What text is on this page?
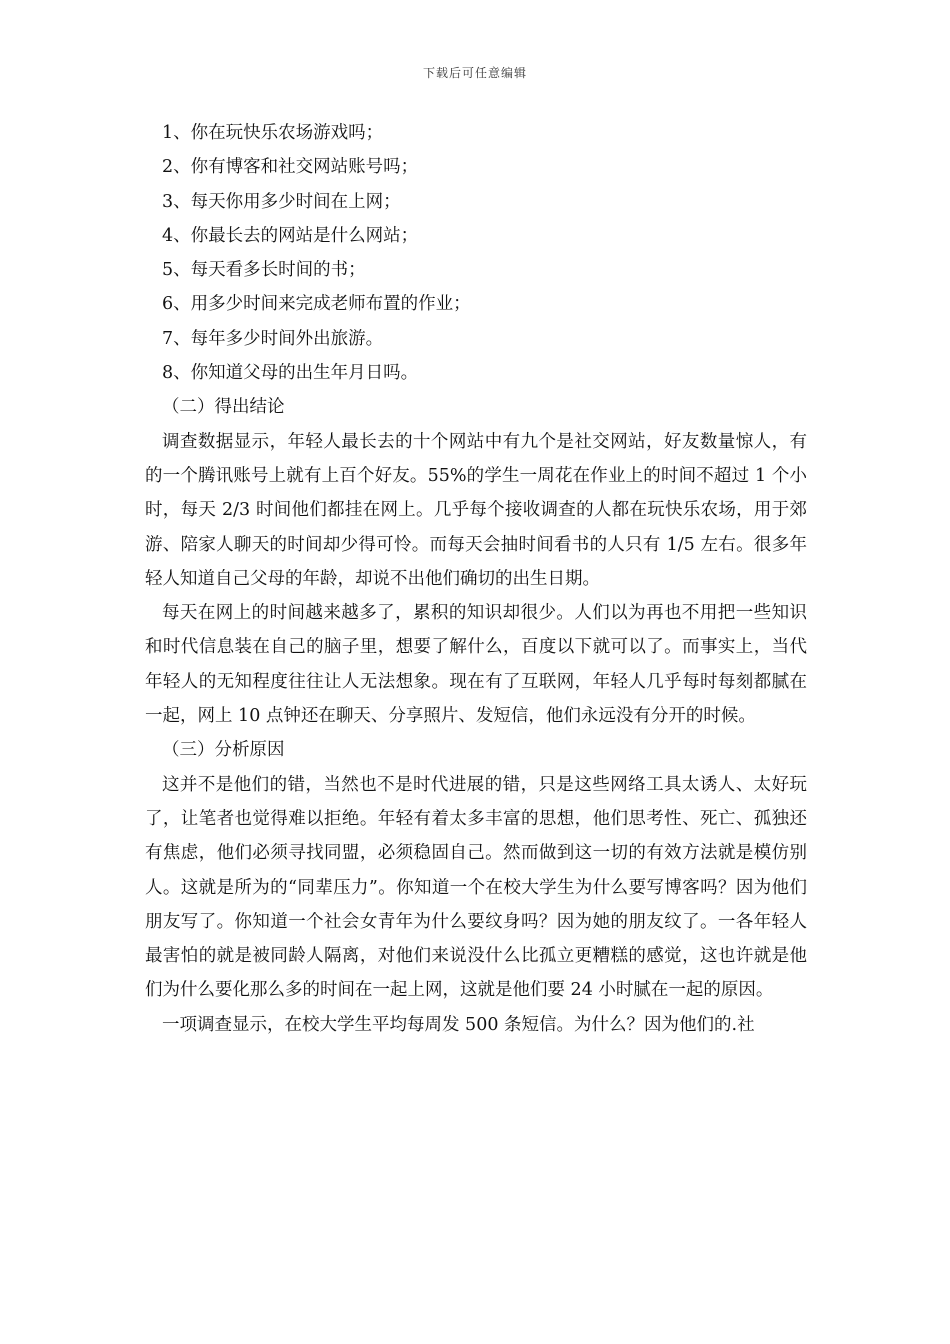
下载后可任意编辑

1、你在玩快乐农场游戏吗；

2、你有博客和社交网站账号吗；

3、每天你用多少时间在上网；

4、你最长去的网站是什么网站；

5、每天看多长时间的书；

6、用多少时间来完成老师布置的作业；

7、每年多少时间外出旅游。

8、你知道父母的出生年月日吗。

（二）得出结论

调查数据显示，年轻人最长去的十个网站中有九个是社交网站，好友数量惊人，有的一个腾讯账号上就有上百个好友。55%的学生一周花在作业上的时间不超过 1 个小时，每天 2/3 时间他们都挂在网上。几乎每个接收调查的人都在玩快乐农场，用于郊游、陪家人聊天的时间却少得可怜。而每天会抽时间看书的人只有 1/5 左右。很多年轻人知道自己父母的年龄，却说不出他们确切的出生日期。

每天在网上的时间越来越多了，累积的知识却很少。人们以为再也不用把一些知识和时代信息装在自己的脑子里，想要了解什么，百度以下就可以了。而事实上，当代年轻人的无知程度往往让人无法想象。现在有了互联网，年轻人几乎每时每刻都腻在一起，网上 10 点钟还在聊天、分享照片、发短信，他们永远没有分开的时候。

（三）分析原因

这并不是他们的错，当然也不是时代进展的错，只是这些网络工具太诱人、太好玩了，让笔者也觉得难以拒绝。年轻有着太多丰富的思想，他们思考性、死亡、孤独还有焦虑，他们必须寻找同盟，必须稳固自己。然而做到这一切的有效方法就是模仿别人。这就是所为的“同辈压力”。你知道一个在校大学生为什么要写博客吗？因为他们朋友写了。你知道一个社会女青年为什么要纹身吗？因为她的朋友纹了。一各年轻人最害怕的就是被同龄人隔离，对他们来说没什么比孤立更糟糕的感觉，这也许就是他们为什么要化那么多的时间在一起上网，这就是他们要 24 小时腻在一起的原因。

一项调查显示，在校大学生平均每周发 500 条短信。为什么？因为他们的.社
